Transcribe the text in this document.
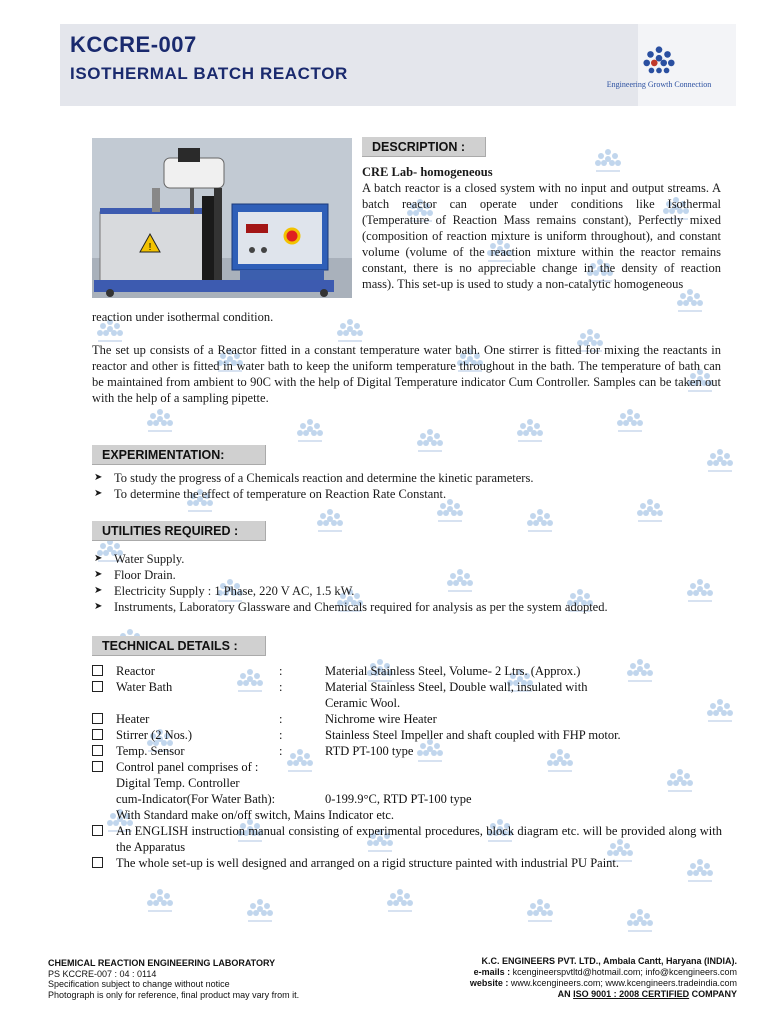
KCCRE-007
ISOTHERMAL BATCH REACTOR
Engineering Growth Connection
!
DESCRIPTION :
CRE Lab- homogeneous
A batch reactor is a closed system with no input and output streams. A batch reactor can operate under conditions like Isothermal (Temperature of Reaction Mass remains constant), Perfectly mixed (composition of reaction mixture is uniform throughout), and constant volume (volume of the reaction mixture within the reactor remains constant, there is no appreciable change in the density of reaction mass). This set-up is used to study a non-catalytic homogeneous
reaction under isothermal condition.
The set up consists of a Reactor fitted in a constant temperature water bath. One stirrer is fitted for mixing the reactants in reactor and other is fitted in water bath to keep the uniform temperature throughout in the bath. The temperature of bath can be maintained from ambient to 90C with the help of Digital Temperature indicator Cum Controller. Samples can be taken out with the help of a sampling pipette.
EXPERIMENTATION:
➤ To study the progress of a Chemicals reaction and determine the kinetic parameters.
➤ To determine the effect of temperature on Reaction Rate Constant.
UTILITIES REQUIRED :
➤ Water Supply.
➤ Floor Drain.
➤ Electricity Supply : 1 Phase, 220 V AC, 1.5 kW.
➤ Instruments, Laboratory Glassware and Chemicals required for analysis as per the system adopted.
TECHNICAL DETAILS :
Reactor	:	Material Stainless Steel, Volume- 2 Ltrs. (Approx.)
Water Bath	:	Material Stainless Steel, Double wall, insulated with
Ceramic Wool.
Heater	:	Nichrome wire Heater
Stirrer (2 Nos.)	:	Stainless Steel Impeller and shaft coupled with FHP motor.
Temp. Sensor	:	RTD PT-100 type
Control panel comprises of :
Digital Temp. Controller
cum-Indicator(For Water Bath):	0-199.9°C, RTD PT-100 type
With Standard make on/off switch, Mains Indicator etc.
An ENGLISH instruction manual consisting of experimental procedures, block diagram etc. will be provided along with the Apparatus
The whole set-up is well designed and arranged on a rigid structure painted with industrial PU Paint.
CHEMICAL REACTION ENGINEERING LABORATORY
PS KCCRE-007 : 04 : 0114
Specification subject to change without notice
Photograph is only for reference, final product may vary from it.
K.C. ENGINEERS PVT. LTD., Ambala Cantt, Haryana (INDIA).
e-mails : kcengineerspvtltd@hotmail.com; info@kcengineers.com
website : www.kcengineers.com; www.kcengineers.tradeindia.com
AN ISO 9001 : 2008 CERTIFIED COMPANY
